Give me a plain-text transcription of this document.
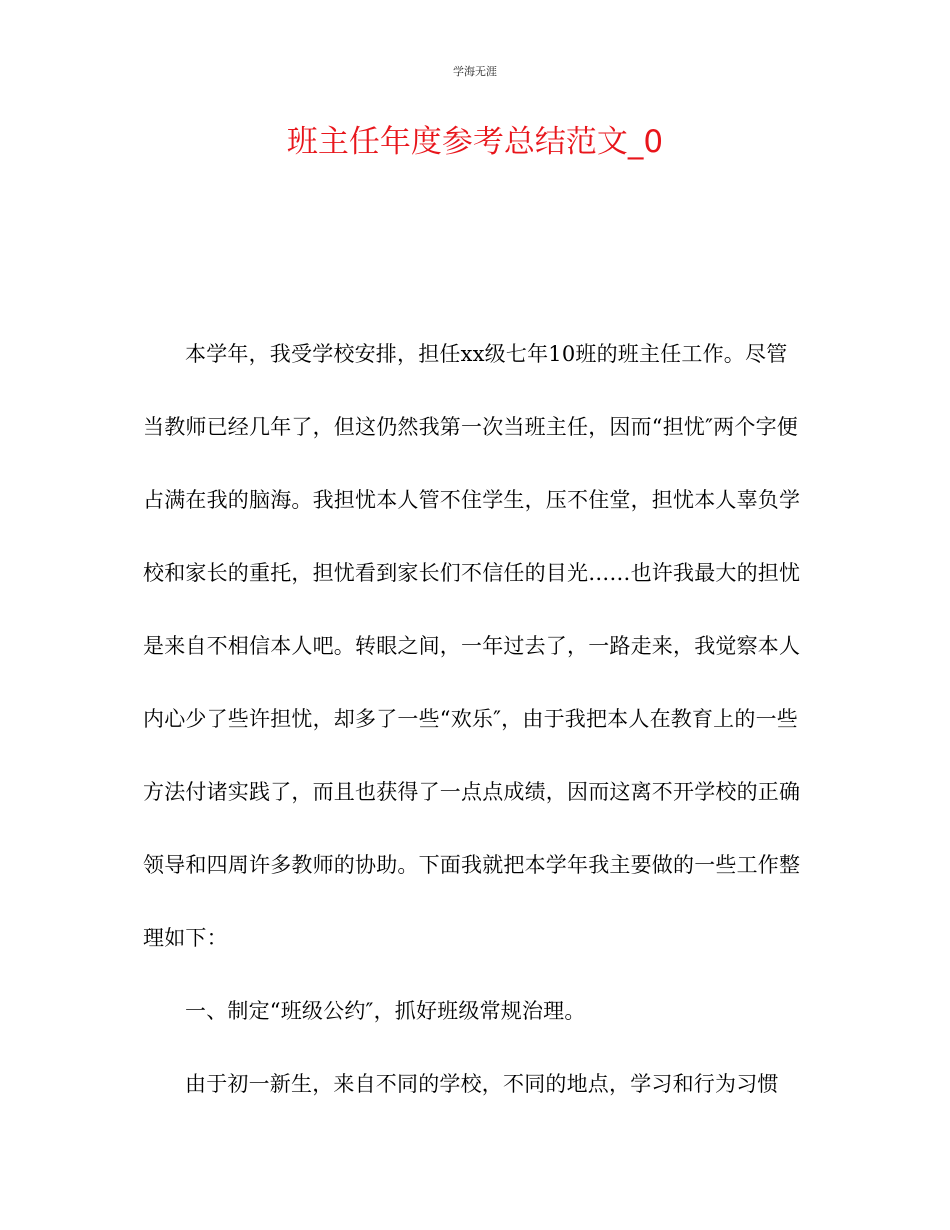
学海无涯
班主任年度参考总结范文_0

本学年，我受学校安排，担任xx级七年10班的班主任工作。尽管当教师已经几年了，但这仍然我第一次当班主任，因而“担忧″两个字便占满在我的脑海。我担忧本人管不住学生，压不住堂，担忧本人辜负学校和家长的重托，担忧看到家长们不信任的目光……也许我最大的担忧是来自不相信本人吧。转眼之间，一年过去了，一路走来，我觉察本人内心少了些许担忧，却多了一些“欢乐″，由于我把本人在教育上的一些方法付诸实践了，而且也获得了一点点成绩，因而这离不开学校的正确领导和四周许多教师的协助。下面我就把本学年我主要做的一些工作整理如下：

一、制定“班级公约″，抓好班级常规治理。

由于初一新生，来自不同的学校，不同的地点，学习和行为习惯
